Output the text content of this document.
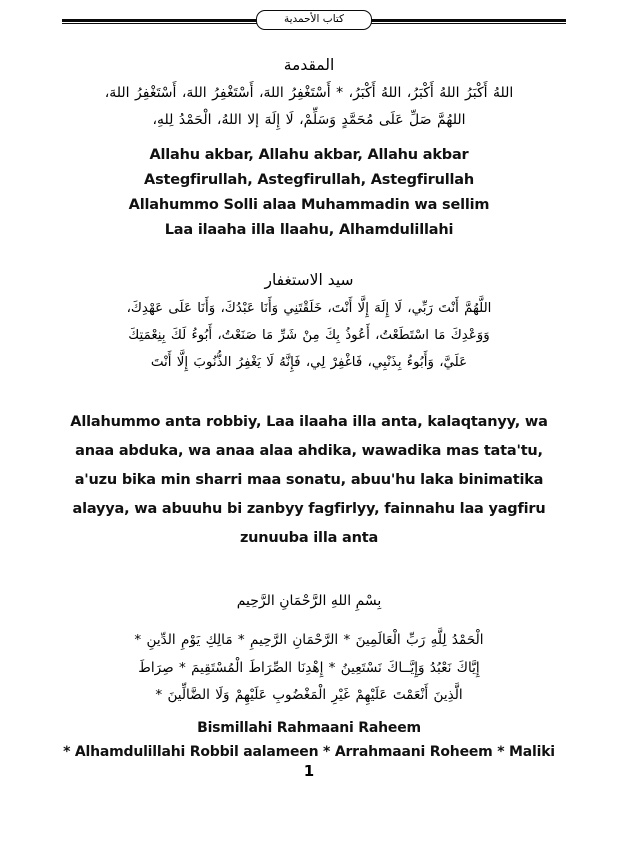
كتاب الأحمدية
المقدمة
اللهُ أَكْبَرُ اللهُ أَكْبَرُ، اللهُ أَكْبَرُ، * أَسْتَغْفِرُ اللهَ، أَسْتَغْفِرُ اللهَ، أَسْتَغْفِرُ اللهَ،
اللهُمَّ صَلِّ عَلَى مُحَمَّدٍ وَسَلِّمْ، لَا إِلَهَ إلا اللهُ، الْحَمْدُ لِلهِ،
Allahu akbar, Allahu akbar, Allahu akbar
Astegfirullah, Astegfirullah, Astegfirullah
Allahummo Solli alaa Muhammadin wa sellim
Laa ilaaha illa llaahu, Alhamdulillahi
سيد الاستغفار
اللَّهُمَّ أَنْتَ رَبِّي، لَا إِلَهَ إِلَّا أَنْتَ، خَلَقْتَنِي وَأَنَا عَبْدُكَ، وَأَنَا عَلَى عَهْدِكَ،
وَوَعْدِكَ مَا اسْتَطَعْتُ، أَعُوذُ بِكَ مِنْ شَرِّ مَا صَنَعْتُ، أَبُوءُ لَكَ بِنِعْمَتِكَ
عَلَيَّ، وَأَبُوءُ بِذَنْبِي، فَاغْفِرْ لِي، فَإِنَّهُ لَا يَغْفِرُ الذُّنُوبَ إِلَّا أَنْتَ
Allahummo anta robbiy, Laa ilaaha illa anta, kalaqtanyy, wa
anaa abduka, wa anaa alaa ahdika, wawadika mas tata'tu,
a'uzu bika min sharri maa sonatu, abuu'hu laka binimatika
alayya, wa abuuhu bi zanbyy fagfirlyy, fainnahu laa yagfiru
zunuuba illa anta
بِسْمِ اللهِ الرَّحْمَانِ الرَّحِيم
الْحَمْدُ لِلَّهِ رَبِّ الْعَالَمِينَ * الرَّحْمَانِ الرَّحِيمِ * مَالِكِ يَوْمِ الدِّينِ *
إِيَّاكَ نَعْبُدُ وَإِيَّــاكَ نَسْتَعِينُ * إِهْدِنَا الصِّرَاطَ الْمُسْتَقِيمَ * صِرَاطَ
الَّذِينَ أَنْعَمْتَ عَلَيْهِمْ غَيْرِ الْمَغْضُوبِ عَلَيْهِمْ وَلَا الضَّالِّينَ *
Bismillahi Rahmaani Raheem
* Alhamdulillahi Robbil aalameen * Arrahmaani Roheem * Maliki
1
